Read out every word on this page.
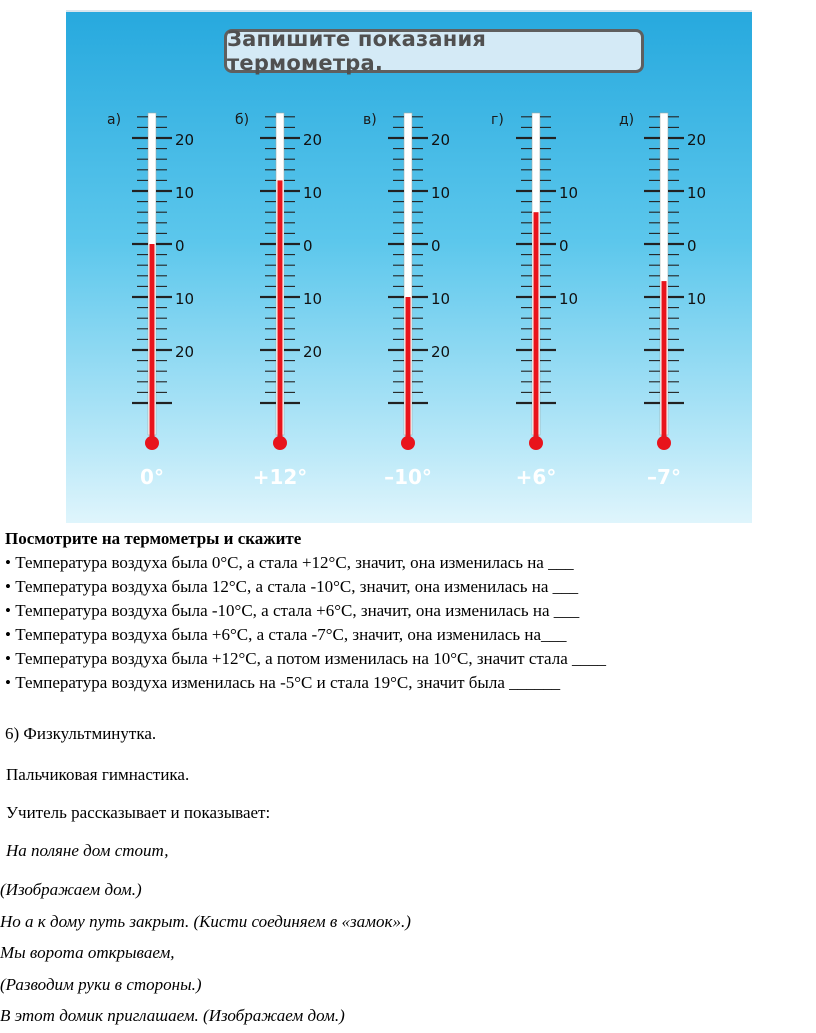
Запишите показания термометра.
а)
20
10
0
10
20
0°
б)
20
10
0
10
20
+12°
в)
20
10
0
10
20
–10°
г)
10
0
10
+6°
д)
20
10
0
10
–7°
Посмотрите на термометры и скажите
• Температура воздуха была 0°С, а стала +12°С, значит, она изменилась на ___
• Температура воздуха была 12°С, а стала -10°С, значит, она изменилась на ___
• Температура воздуха была -10°С, а стала +6°С, значит, она изменилась на ___
• Температура воздуха была +6°С, а стала -7°С, значит, она изменилась на___
• Температура воздуха была +12°С, а потом изменилась на 10°С, значит стала ____
• Температура воздуха изменилась на -5°С и стала 19°С, значит была ______
6) Физкультминутка.
Пальчиковая гимнастика.
Учитель рассказывает и показывает:
На поляне дом стоит,
(Изображаем дом.)
Но а к дому путь закрыт. (Кисти соединяем в «замок».)
Мы ворота открываем,
(Разводим руки в стороны.)
В этот домик приглашаем. (Изображаем дом.)
